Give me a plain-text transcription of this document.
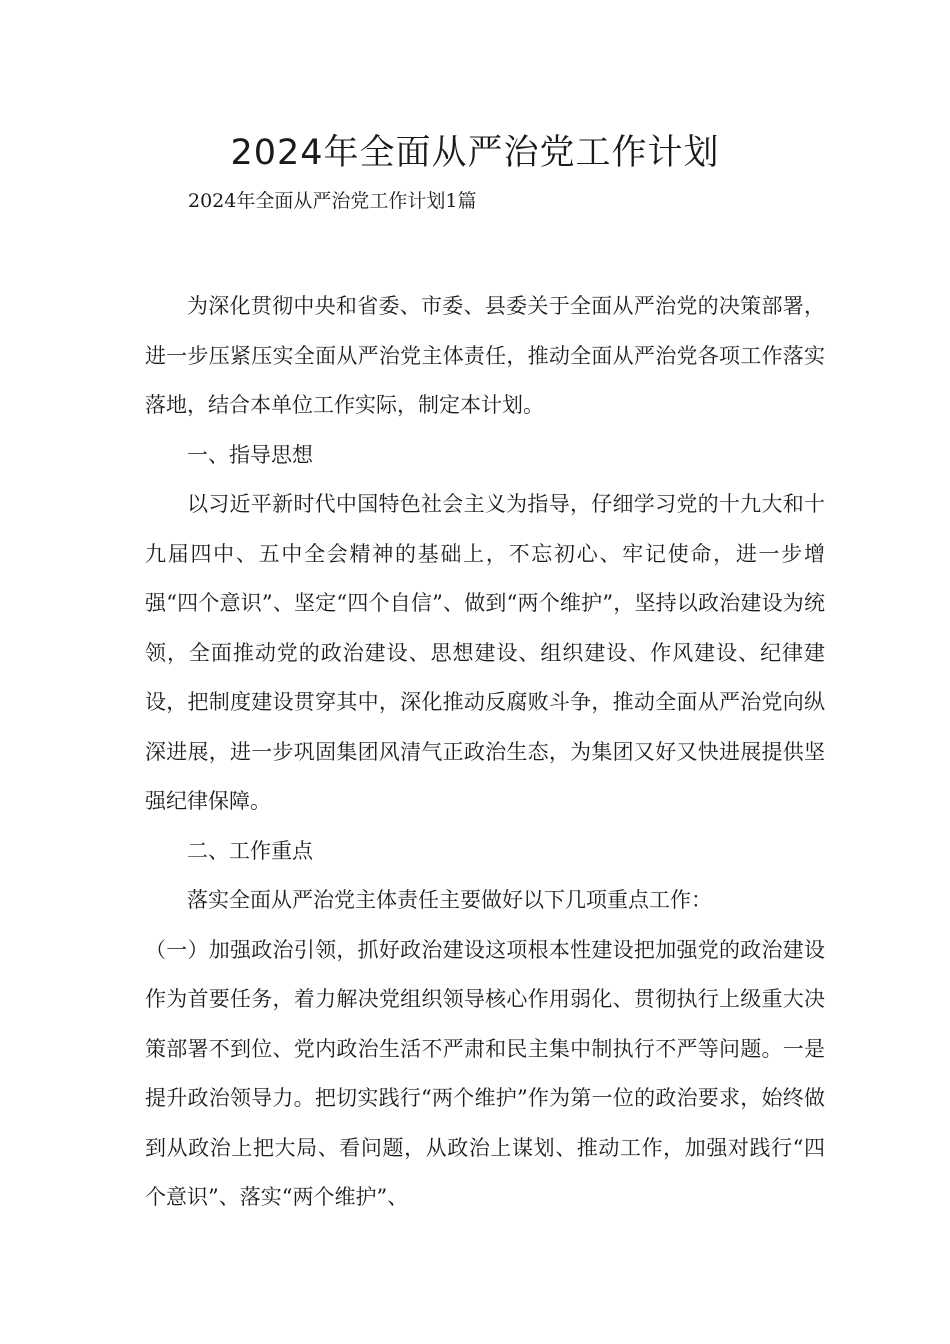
2024年全面从严治党工作计划
2024年全面从严治党工作计划1篇

为深化贯彻中央和省委、市委、县委关于全面从严治党的决策部署，进一步压紧压实全面从严治党主体责任，推动全面从严治党各项工作落实落地，结合本单位工作实际，制定本计划。

一、指导思想

以习近平新时代中国特色社会主义为指导，仔细学习党的十九大和十九届四中、五中全会精神的基础上，不忘初心、牢记使命，进一步增强“四个意识”、坚定“四个自信”、做到“两个维护”，坚持以政治建设为统领，全面推动党的政治建设、思想建设、组织建设、作风建设、纪律建设，把制度建设贯穿其中，深化推动反腐败斗争，推动全面从严治党向纵深进展，进一步巩固集团风清气正政治生态，为集团又好又快进展提供坚强纪律保障。

二、工作重点

落实全面从严治党主体责任主要做好以下几项重点工作：

（一）加强政治引领，抓好政治建设这项根本性建设把加强党的政治建设作为首要任务，着力解决党组织领导核心作用弱化、贯彻执行上级重大决策部署不到位、党内政治生活不严肃和民主集中制执行不严等问题。一是提升政治领导力。把切实践行“两个维护”作为第一位的政治要求，始终做到从政治上把大局、看问题，从政治上谋划、推动工作，加强对践行“四个意识”、落实“两个维护”、
